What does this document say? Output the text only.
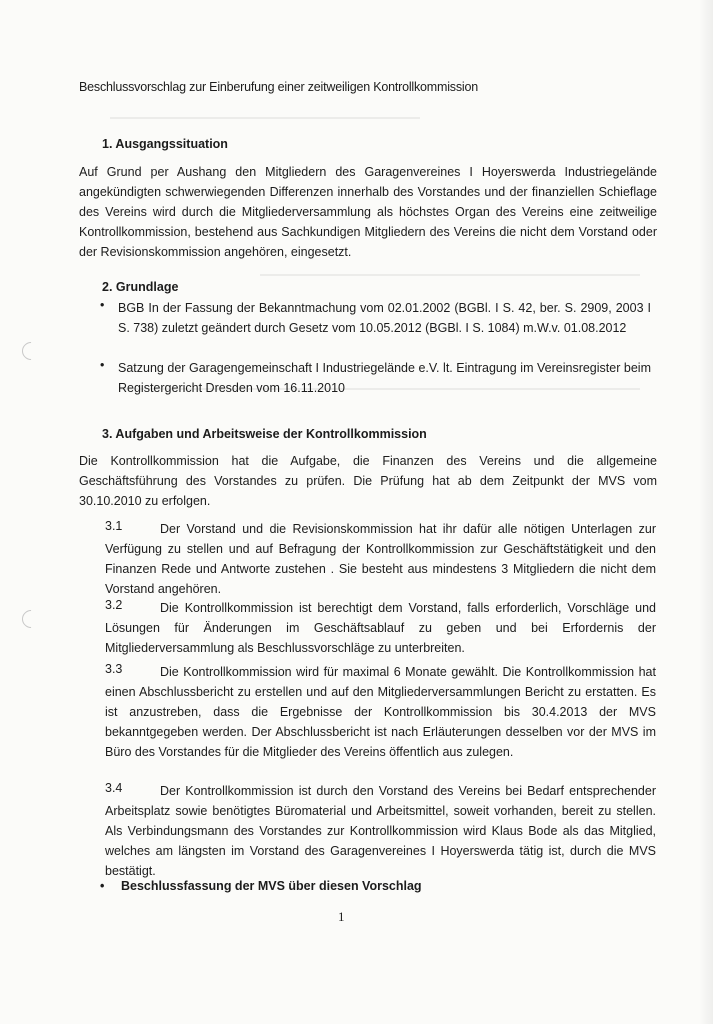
Beschlussvorschlag zur Einberufung einer zeitweiligen Kontrollkommission
1. Ausgangssituation
Auf Grund per Aushang den Mitgliedern des Garagenvereines I Hoyerswerda Industriegelände angekündigten schwerwiegenden Differenzen innerhalb des Vorstandes und der finanziellen Schieflage des Vereins wird durch die Mitgliederversammlung als höchstes Organ des Vereins eine zeitweilige Kontrollkommission, bestehend aus Sachkundigen Mitgliedern des Vereins die nicht dem Vorstand oder der Revisionskommission angehören, eingesetzt.
2. Grundlage
• BGB In der Fassung der Bekanntmachung vom 02.01.2002 (BGBl. I S. 42, ber. S. 2909, 2003 I S. 738) zuletzt geändert durch Gesetz vom 10.05.2012 (BGBl. I S. 1084) m.W.v. 01.08.2012
• Satzung der Garagengemeinschaft I Industriegelände e.V. lt. Eintragung im Vereinsregister beim Registergericht Dresden vom 16.11.2010
3. Aufgaben und Arbeitsweise der Kontrollkommission
Die Kontrollkommission hat die Aufgabe, die Finanzen des Vereins und die allgemeine Geschäftsführung des Vorstandes zu prüfen. Die Prüfung hat ab dem Zeitpunkt der MVS vom 30.10.2010 zu erfolgen.
3.1	Der Vorstand und die Revisionskommission hat ihr dafür alle nötigen Unterlagen zur Verfügung zu stellen und auf Befragung der Kontrollkommission zur Geschäftstätigkeit und den Finanzen Rede und Antworte zustehen . Sie besteht aus mindestens 3 Mitgliedern die nicht dem Vorstand angehören.
3.2	Die Kontrollkommission ist berechtigt dem Vorstand, falls erforderlich, Vorschläge und Lösungen für Änderungen im Geschäftsablauf zu geben und bei Erfordernis der Mitgliederversammlung als Beschlussvorschläge zu unterbreiten.
3.3	Die Kontrollkommission wird für maximal 6 Monate gewählt. Die Kontrollkommission hat einen Abschlussbericht zu erstellen und auf den Mitgliederversammlungen Bericht zu erstatten. Es ist anzustreben, dass die Ergebnisse der Kontrollkommission bis 30.4.2013 der MVS bekanntgegeben werden. Der Abschlussbericht ist nach Erläuterungen desselben vor der MVS im Büro des Vorstandes für die Mitglieder des Vereins öffentlich aus zulegen.
3.4	Der Kontrollkommission ist durch den Vorstand des Vereins bei Bedarf entsprechender Arbeitsplatz sowie benötigtes Büromaterial und Arbeitsmittel, soweit vorhanden, bereit zu stellen. Als Verbindungsmann des Vorstandes zur Kontrollkommission wird Klaus Bode als das Mitglied, welches am längsten im Vorstand des Garagenvereines I Hoyerswerda tätig ist, durch die MVS bestätigt.
• Beschlussfassung der MVS über diesen Vorschlag
1
